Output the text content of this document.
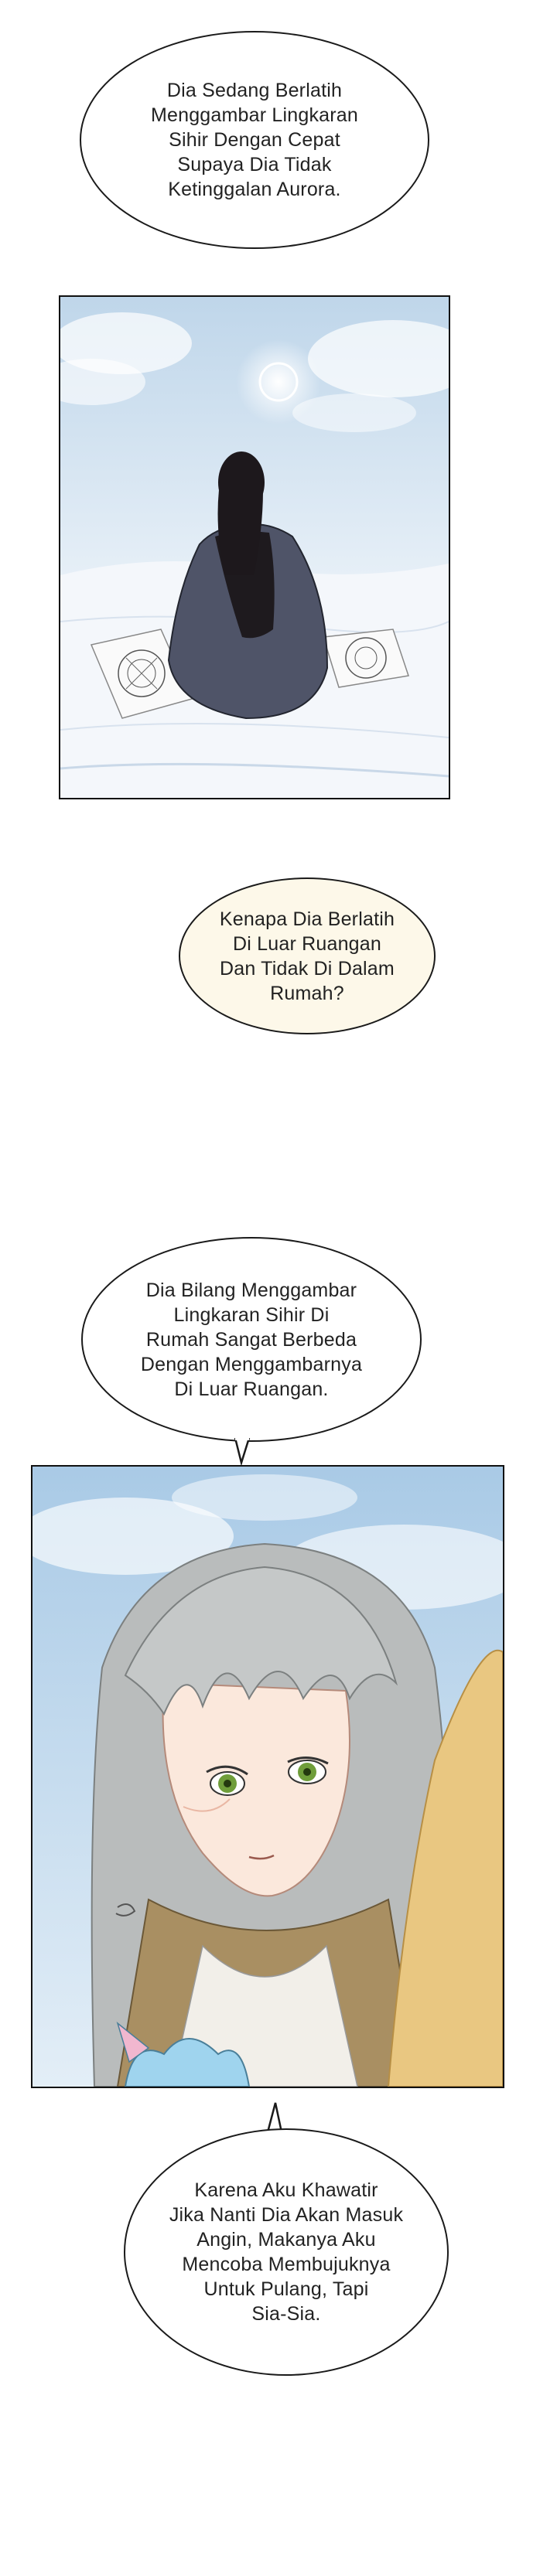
Dia Sedang Berlatih
Menggambar Lingkaran
Sihir Dengan Cepat
Supaya Dia Tidak
Ketinggalan Aurora.
Kenapa Dia Berlatih
Di Luar Ruangan
Dan Tidak Di Dalam
Rumah?
Dia Bilang Menggambar
Lingkaran Sihir Di
Rumah Sangat Berbeda
Dengan Menggambarnya
Di Luar Ruangan.
Karena Aku Khawatir
Jika Nanti Dia Akan Masuk
Angin, Makanya Aku
Mencoba Membujuknya
Untuk Pulang, Tapi
Sia-Sia.
